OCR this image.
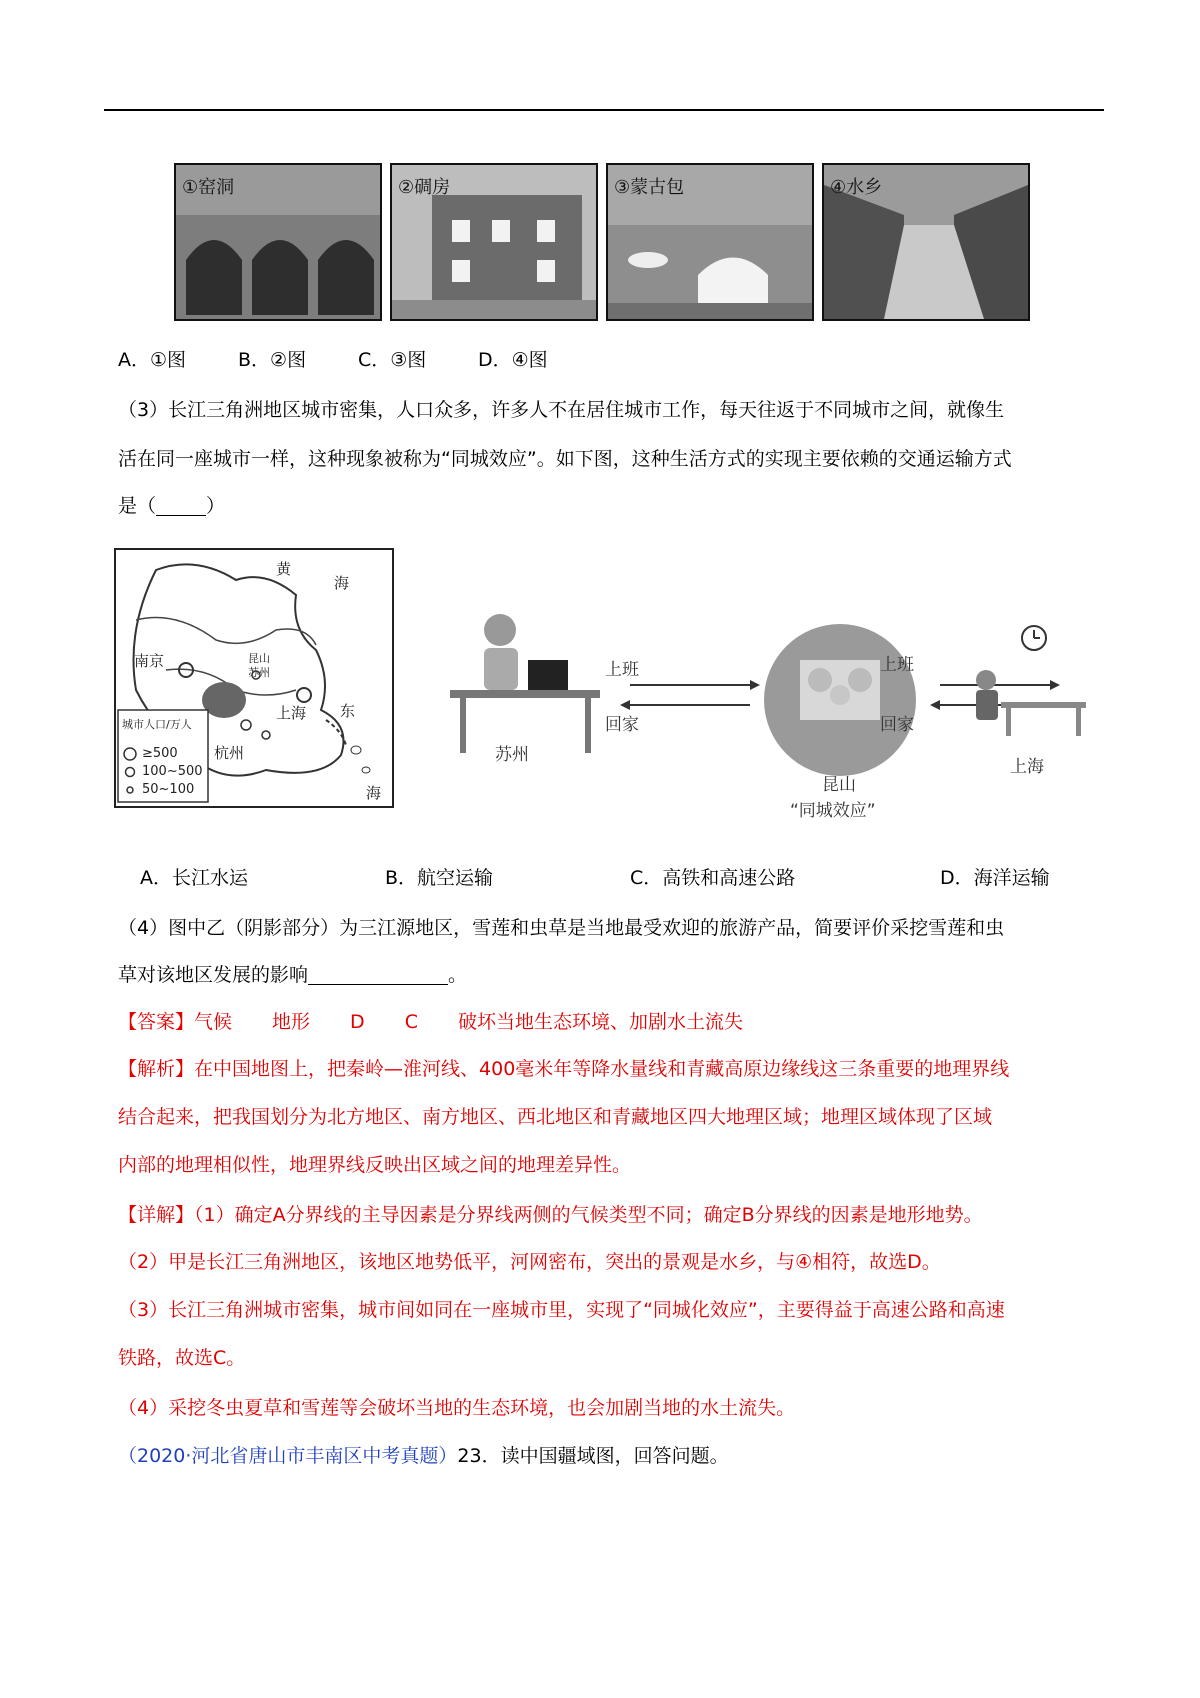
①窑洞	②碉房	③蒙古包	④水乡
A．①图	B．②图	C．③图	D．④图
（3）长江三角洲地区城市密集，人口众多，许多人不在居住城市工作，每天往返于不同城市之间，就像生
活在同一座城市一样，这种现象被称为“同城效应”。如下图，这种生活方式的实现主要依赖的交通运输方式
是（	）
黄
海
南京	昆山
苏州
上海
杭州
东
海
城市人口/万人
≥500
100~500
50~100
苏州
上海
昆山
“同城效应”
上班
回家
上班
回家
A．长江水运	B．航空运输	C．高铁和高速公路	D．海洋运输
（4）图中乙（阴影部分）为三江源地区，雪莲和虫草是当地最受欢迎的旅游产品，简要评价采挖雪莲和虫
草对该地区发展的影响	。
【答案】气候 地形 D C 破坏当地生态环境、加剧水土流失
【解析】在中国地图上，把秦岭—淮河线、400毫米年等降水量线和青藏高原边缘线这三条重要的地理界线
结合起来，把我国划分为北方地区、南方地区、西北地区和青藏地区四大地理区域；地理区域体现了区域
内部的地理相似性，地理界线反映出区域之间的地理差异性。
【详解】（1）确定A分界线的主导因素是分界线两侧的气候类型不同；确定B分界线的因素是地形地势。
（2）甲是长江三角洲地区，该地区地势低平，河网密布，突出的景观是水乡，与④相符，故选D。
（3）长江三角洲城市密集，城市间如同在一座城市里，实现了“同城化效应”，主要得益于高速公路和高速
铁路，故选C。
（4）采挖冬虫夏草和雪莲等会破坏当地的生态环境，也会加剧当地的水土流失。
（2020·河北省唐山市丰南区中考真题）23．读中国疆域图，回答问题。
